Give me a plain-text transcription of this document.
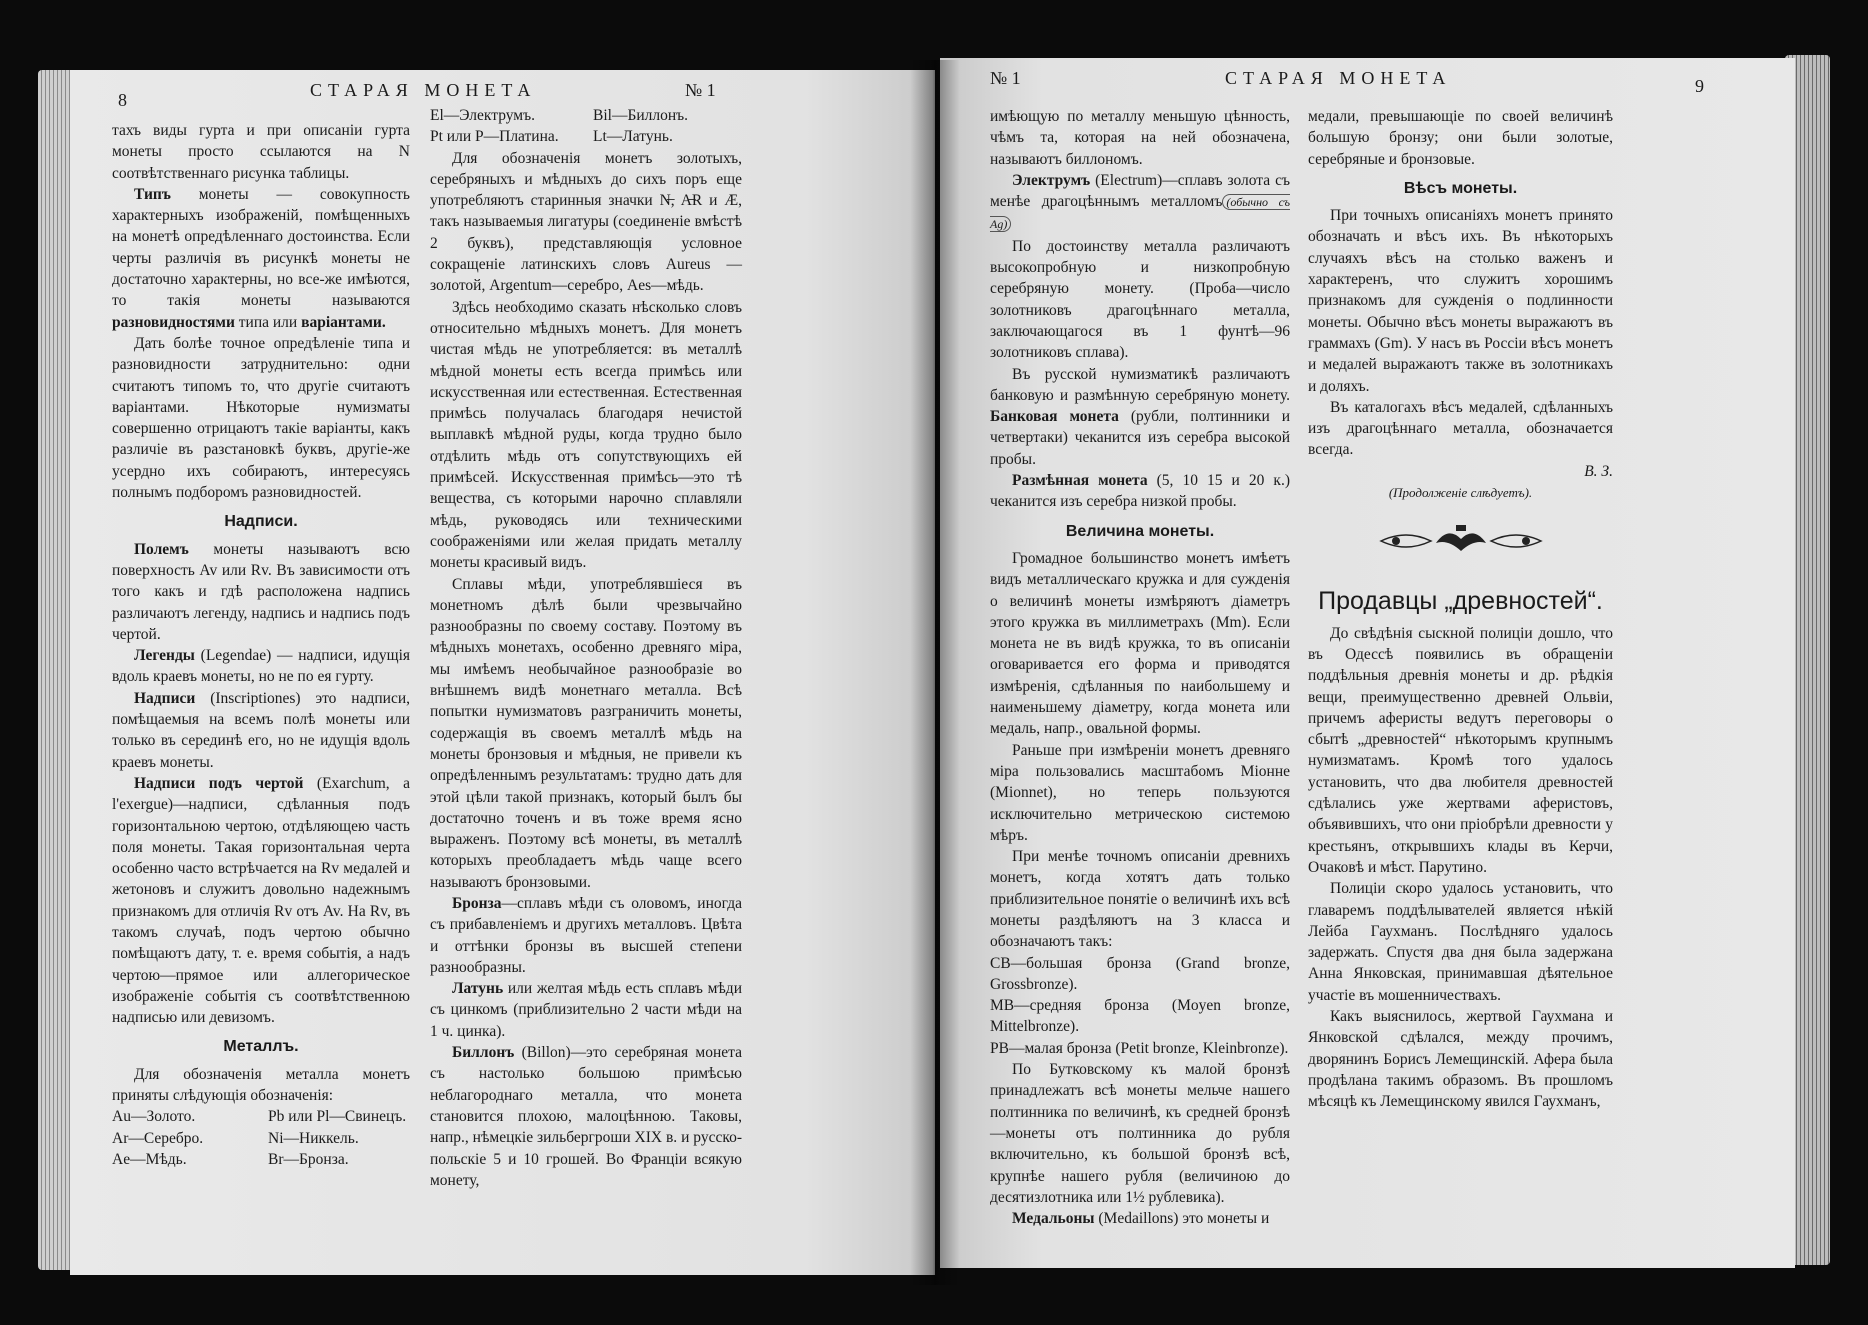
8	СТАРАЯ МОНЕТА	№ 1

тахъ виды гурта и при описаніи гурта монеты просто ссылаются на N соотвѣтственнаго рисунка таблицы.

Типъ монеты — совокупность характерныхъ изображеній, помѣщенныхъ на монетѣ опредѣленнаго достоинства. Если черты различія въ рисункѣ монеты не достаточно характерны, но все-же имѣются, то такія монеты называются разновидностями типа или варіантами.

Дать болѣе точное опредѣленіе типа и разновидности затруднительно: одни считаютъ типомъ то, что другіе считаютъ варіантами. Нѣкоторые нумизматы совершенно отрицаютъ такіе варіанты, какъ различіе въ разстановкѣ буквъ, другіе-же усердно ихъ собираютъ, интересуясь полнымъ подборомъ разновидностей.

Надписи.

Полемъ монеты называютъ всю поверхность Av или Rv. Въ зависимости отъ того какъ и гдѣ расположена надпись различаютъ легенду, надпись и надпись подъ чертой.

Легенды (Legendae) — надписи, идущія вдоль краевъ монеты, но не по ея гурту.

Надписи (Inscriptiones) это надписи, помѣщаемыя на всемъ полѣ монеты или только въ серединѣ его, но не идущія вдоль краевъ монеты.

Надписи подъ чертой (Exarchum, a l'exergue)—надписи, сдѣланныя подъ горизонтальною чертою, отдѣляющею часть поля монеты. Такая горизонтальная черта особенно часто встрѣчается на Rv медалей и жетоновъ и служитъ довольно надежнымъ признакомъ для отличія Rv отъ Av. На Rv, въ такомъ случаѣ, подъ чертою обычно помѣщаютъ дату, т. е. время событія, а надъ чертою—прямое или аллегорическое изображеніе событія съ соотвѣтственною надписью или девизомъ.

Металлъ.

Для обозначенія металла монетъ приняты слѣдующія обозначенія:

Au—Золото.	Pb или Pl—Свинецъ.
Ar—Серебро.	Ni—Никкель.
Ae—Мѣдь.	Br—Бронза.
El—Электрумъ.	Bil—Биллонъ.
Pt или P—Платина.	Lt—Латунь.

Для обозначенія монетъ золотыхъ, серебряныхъ и мѣдныхъ до сихъ поръ еще употребляютъ старинныя значки N̶, A̶R и Æ, такъ называемыя лигатуры (соединеніе вмѣстѣ 2 буквъ), представляющія условное сокращеніе латинскихъ словъ Aureus — золотой, Argentum—серебро, Aes—мѣдь.

Здѣсь необходимо сказать нѣсколько словъ относительно мѣдныхъ монетъ. Для монетъ чистая мѣдь не употребляется: въ металлѣ мѣдной монеты есть всегда примѣсь или искусственная или естественная. Естественная примѣсь получалась благодаря нечистой выплавкѣ мѣдной руды, когда трудно было отдѣлить мѣдь отъ сопутствующихъ ей примѣсей. Искусственная примѣсь—это тѣ вещества, съ которыми нарочно сплавляли мѣдь, руководясь или техническими соображеніями или желая придать металлу монеты красивый видъ.

Сплавы мѣди, употреблявшіеся въ монетномъ дѣлѣ были чрезвычайно разнообразны по своему составу. Поэтому въ мѣдныхъ монетахъ, особенно древняго міра, мы имѣемъ необычайное разнообразіе во внѣшнемъ видѣ монетнаго металла. Всѣ попытки нумизматовъ разграничить монеты, содержащія въ своемъ металлѣ мѣдь на монеты бронзовыя и мѣдныя, не привели къ опредѣленнымъ результатамъ: трудно дать для этой цѣли такой признакъ, который былъ бы достаточно точенъ и въ тоже время ясно выраженъ. Поэтому всѣ монеты, въ металлѣ которыхъ преобладаетъ мѣдь чаще всего называютъ бронзовыми.

Бронза—сплавъ мѣди съ оловомъ, иногда съ прибавленіемъ и другихъ металловъ. Цвѣта и оттѣнки бронзы въ высшей степени разнообразны.

Латунь или желтая мѣдь есть сплавъ мѣди съ цинкомъ (приблизительно 2 части мѣди на 1 ч. цинка).

Биллонъ (Billon)—это серебряная монета съ настолько большою примѣсью неблагороднаго металла, что монета становится плохою, малоцѣнною. Таковы, напр., нѣмецкіе зильбергроши XIX в. и русско-польскіе 5 и 10 грошей. Во Франціи всякую монету,

№ 1	СТАРАЯ МОНЕТА	9

имѣющую по металлу меньшую цѣнность, чѣмъ та, которая на ней обозначена, называютъ биллономъ.

Электрумъ (Electrum)—сплавъ золота съ менѣе драгоцѣннымъ металломъ (обычно съ Ag)

По достоинству металла различаютъ высокопробную и низкопробную серебряную монету. (Проба—число золотниковъ драгоцѣннаго металла, заключающагося въ 1 фунтѣ—96 золотниковъ сплава).

Въ русской нумизматикѣ различаютъ банковую и размѣнную серебряную монету. Банковая монета (рубли, полтинники и четвертаки) чеканится изъ серебра высокой пробы.

Размѣнная монета (5, 10 15 и 20 к.) чеканится изъ серебра низкой пробы.

Величина монеты.

Громадное большинство монетъ имѣетъ видъ металлическаго кружка и для сужденія о величинѣ монеты измѣряютъ діаметръ этого кружка въ миллиметрахъ (Mm). Если монета не въ видѣ кружка, то въ описаніи оговаривается его форма и приводятся измѣренія, сдѣланныя по наибольшему и наименьшему діаметру, когда монета или медаль, напр., овальной формы.

Раньше при измѣреніи монетъ древняго міра пользовались масштабомъ Міонне (Mionnet), но теперь пользуются исключительно метрическою системою мѣръ.

При менѣе точномъ описаніи древнихъ монетъ, когда хотятъ дать только приблизительное понятіе о величинѣ ихъ всѣ монеты раздѣляютъ на 3 класса и обозначаютъ такъ:

CB—большая бронза (Grand bronze, Grossbronze).

MB—средняя бронза (Moyen bronze, Mittelbronze).

PB—малая бронза (Petit bronze, Kleinbronze).

По Бутковскому къ малой бронзѣ принадлежатъ всѣ монеты мельче нашего полтинника по величинѣ, къ средней бронзѣ—монеты отъ полтинника до рубля включительно, къ большой бронзѣ всѣ, крупнѣе нашего рубля (величиною до десятизлотника или 1½ рублевика).

Медальоны (Medaillons) это монеты и

медали, превышающіе по своей величинѣ большую бронзу; они были золотые, серебряные и бронзовые.

Вѣсъ монеты.

При точныхъ описаніяхъ монетъ принято обозначать и вѣсъ ихъ. Въ нѣкоторыхъ случаяхъ вѣсъ на столько важенъ и характеренъ, что служитъ хорошимъ признакомъ для сужденія о подлинности монеты. Обычно вѣсъ монеты выражаютъ въ граммахъ (Gm). У насъ въ Россіи вѣсъ монетъ и медалей выражаютъ также въ золотникахъ и доляхъ.

Въ каталогахъ вѣсъ медалей, сдѣланныхъ изъ драгоцѣннаго металла, обозначается всегда.

В. З.
(Продолженіе слѣдуетъ).
Продавцы „древностей“.

До свѣдѣнія сыскной полиціи дошло, что въ Одессѣ появились въ обращеніи поддѣльныя древнія монеты и др. рѣдкія вещи, преимущественно древней Ольвіи, причемъ аферисты ведутъ переговоры о сбытѣ „древностей“ нѣкоторымъ крупнымъ нумизматамъ. Кромѣ того удалось установить, что два любителя древностей сдѣлались уже жертвами аферистовъ, объявившихъ, что они пріобрѣли древности у крестьянъ, открывшихъ клады въ Керчи, Очаковѣ и мѣст. Парутино.

Полиціи скоро удалось установить, что главаремъ поддѣлывателей является нѣкій Лейба Гаухманъ. Послѣдняго удалось задержать. Спустя два дня была задержана Анна Янковская, принимавшая дѣятельное участіе въ мошенничествахъ.

Какъ выяснилось, жертвой Гаухмана и Янковской сдѣлался, между прочимъ, дворянинъ Борисъ Лемещинскій. Афера была продѣлана такимъ образомъ. Въ прошломъ мѣсяцѣ къ Лемещинскому явился Гаухманъ,
